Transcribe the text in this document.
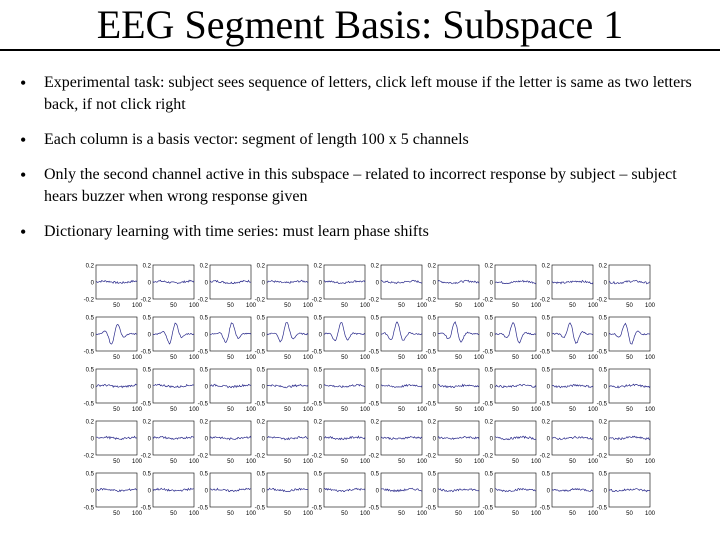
EEG Segment Basis: Subspace 1
• Experimental task: subject sees sequence of letters, click left mouse if the letter is same as two letters back, if not click right
• Each column is a basis vector: segment of length 100 x 5 channels
• Only the second channel active in this subspace – related to incorrect response by subject – subject hears buzzer when wrong response given
• Dictionary learning with time series: must learn phase shifts
0.2
0
-0.2
50 100
0.2
0
-0.2
50 100
0.2
0
-0.2
50 100
0.2
0
-0.2
50 100
0.2
0
-0.2
50 100
0.2
0
-0.2
50 100
0.2
0
-0.2
50 100
0.2
0
-0.2
50 100
0.2
0
-0.2
50 100
0.2
0
-0.2
50 100
0.5
0
-0.5
50 100
0.5
0
-0.5
50 100
0.5
0
-0.5
50 100
0.5
0
-0.5
50 100
0.5
0
-0.5
50 100
0.5
0
-0.5
50 100
0.5
0
-0.5
50 100
0.5
0
-0.5
50 100
0.5
0
-0.5
50 100
0.5
0
-0.5
50 100
0.5
0
-0.5
50 100
0.5
0
-0.5
50 100
0.5
0
-0.5
50 100
0.5
0
-0.5
50 100
0.5
0
-0.5
50 100
0.5
0
-0.5
50 100
0.5
0
-0.5
50 100
0.5
0
-0.5
50 100
0.5
0
-0.5
50 100
0.5
0
-0.5
50 100
0.2
0
-0.2
50 100
0.2
0
-0.2
50 100
0.2
0
-0.2
50 100
0.2
0
-0.2
50 100
0.2
0
-0.2
50 100
0.2
0
-0.2
50 100
0.2
0
-0.2
50 100
0.2
0
-0.2
50 100
0.2
0
-0.2
50 100
0.2
0
-0.2
50 100
0.5
0
-0.5
50 100
0.5
0
-0.5
50 100
0.5
0
-0.5
50 100
0.5
0
-0.5
50 100
0.5
0
-0.5
50 100
0.5
0
-0.5
50 100
0.5
0
-0.5
50 100
0.5
0
-0.5
50 100
0.5
0
-0.5
50 100
0.5
0
-0.5
50 100
